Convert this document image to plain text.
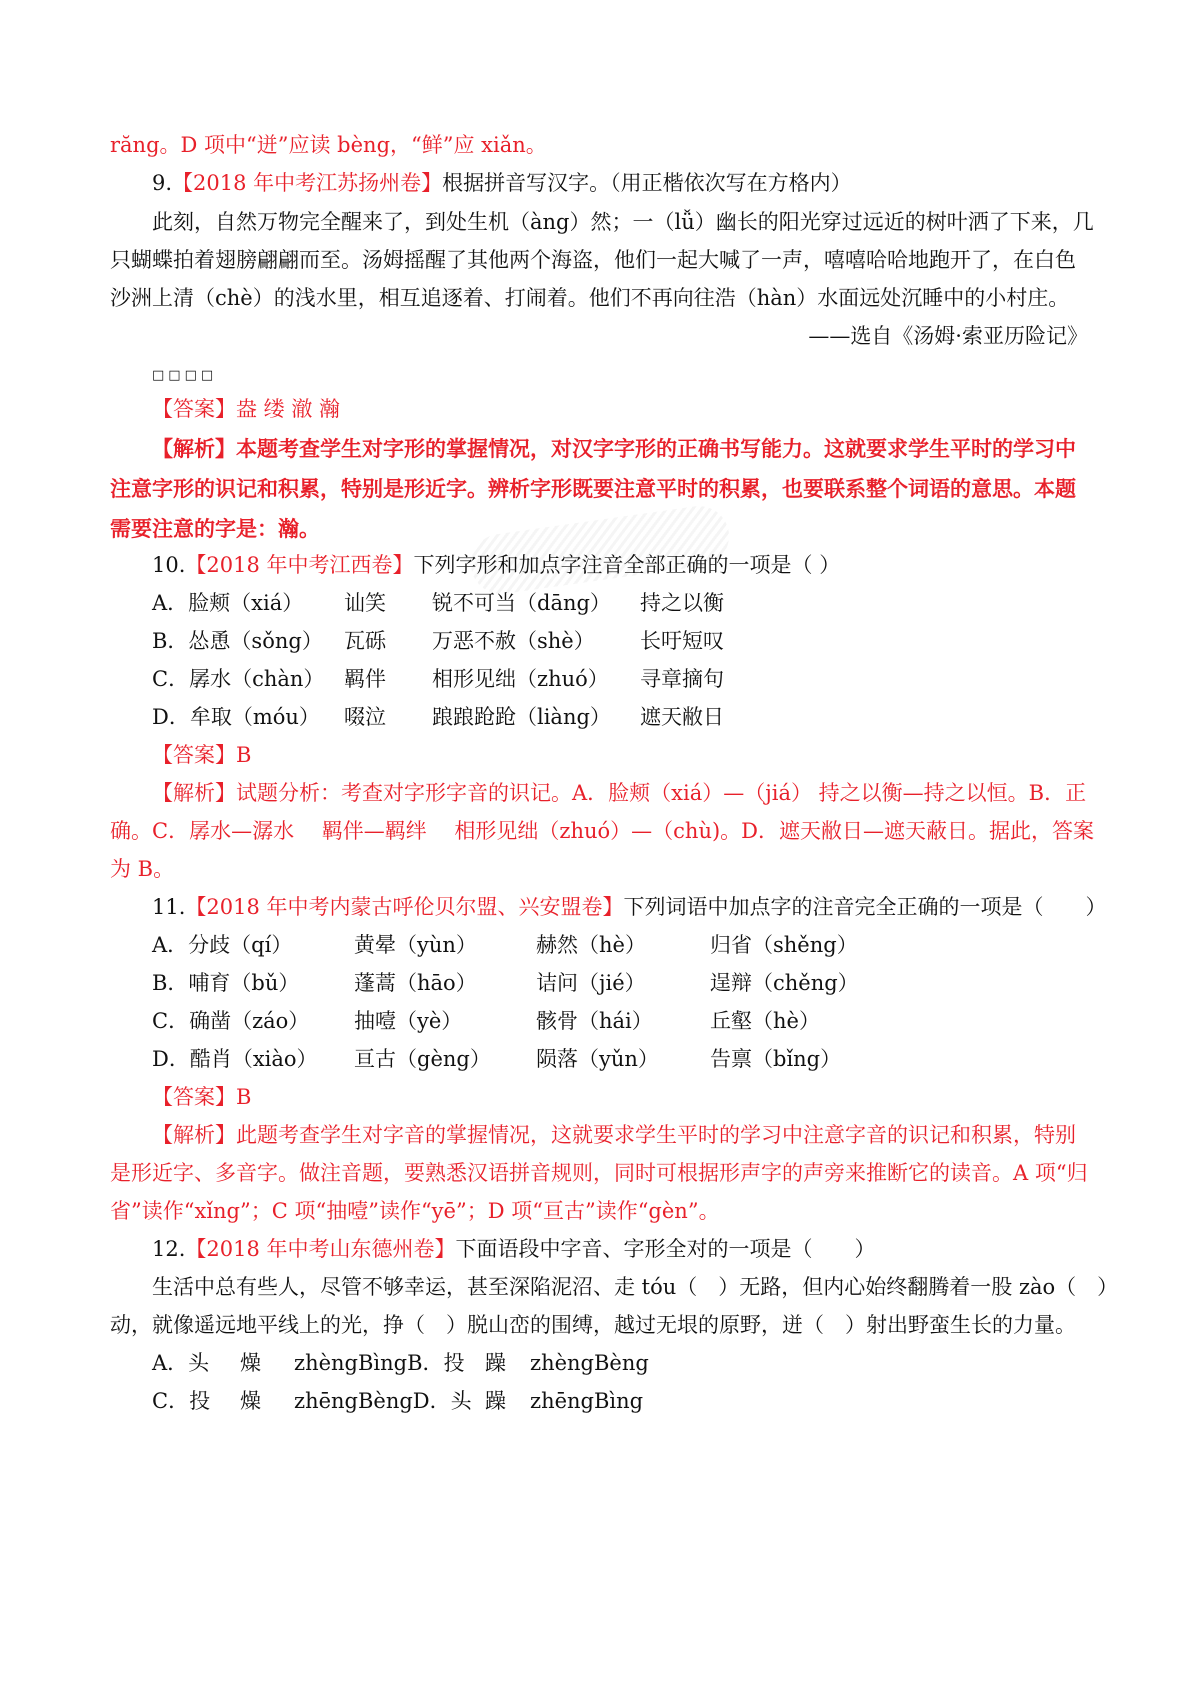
răng。D 项中“迸”应读 bèng，“鲜”应 xiǎn。
9.【2018 年中考江苏扬州卷】根据拼音写汉字。（用正楷依次写在方格内）
此刻，自然万物完全醒来了，到处生机（àng）然；一（lǚ）幽长的阳光穿过远近的树叶洒了下来，几
只蝴蝶拍着翅膀翩翩而至。汤姆摇醒了其他两个海盗，他们一起大喊了一声，嘻嘻哈哈地跑开了，在白色
沙洲上清（chè）的浅水里，相互追逐着、打闹着。他们不再向往浩（hàn）水面远处沉睡中的小村庄。
——选自《汤姆·索亚历险记》
□□□□
【答案】盎 缕 澈 瀚
【解析】本题考查学生对字形的掌握情况，对汉字字形的正确书写能力。这就要求学生平时的学习中
注意字形的识记和积累，特别是形近字。辨析字形既要注意平时的积累，也要联系整个词语的意思。本题
需要注意的字是：瀚。
10.【2018 年中考江西卷】下列字形和加点字注音全部正确的一项是（ ）
A．脸颊（xiá） 讪笑 锐不可当（dāng） 持之以衡
B．怂恿（sǒng） 瓦砾 万恶不赦（shè） 长吁短叹
C．孱水（chàn） 羁伴 相形见绌（zhuó） 寻章摘句
D．牟取（móu） 啜泣 踉踉跄跄（liàng） 遮天敝日
【答案】B
【解析】试题分析：考查对字形字音的识记。A．脸颊（xiá）—（jiá） 持之以衡—持之以恒。B．正
确。C．孱水—潺水　 羁伴—羁绊　 相形见绌（zhuó）—（chù)。D．遮天敝日—遮天蔽日。据此，答案
为 B。
11.【2018 年中考内蒙古呼伦贝尔盟、兴安盟卷】下列词语中加点字的注音完全正确的一项是（　　）
A．分歧（qí）	黄晕（yùn）	赫然（hè）	归省（shěng）
B．哺育（bǔ）	蓬蒿（hāo）	诘问（jié）	逞辩（chěng）
C．确凿（záo） 抽噎（yè）	骸骨（hái）	丘壑（hè）
D．酷肖（xiào） 亘古（gèng） 陨落（yǔn） 告禀（bǐng）
【答案】B
【解析】此题考查学生对字音的掌握情况，这就要求学生平时的学习中注意字音的识记和积累，特别
是形近字、多音字。做注音题，要熟悉汉语拼音规则，同时可根据形声字的声旁来推断它的读音。A 项“归
省”读作“xǐng”；C 项“抽噎”读作“yē”；D 项“亘古”读作“gèn”。
12.【2018 年中考山东德州卷】下面语段中字音、字形全对的一项是（　　）
生活中总有些人，尽管不够幸运，甚至深陷泥沼、走 tóu（　）无路，但内心始终翻腾着一股 zào（　）
动，就像遥远地平线上的光，挣（　）脱山峦的围缚，越过无垠的原野，迸（　）射出野蛮生长的力量。
A．头 燥 zhèngBìngB．投 躁 zhèngBèng
C．投 燥 zhēngBèngD．头 躁 zhēngBìng
